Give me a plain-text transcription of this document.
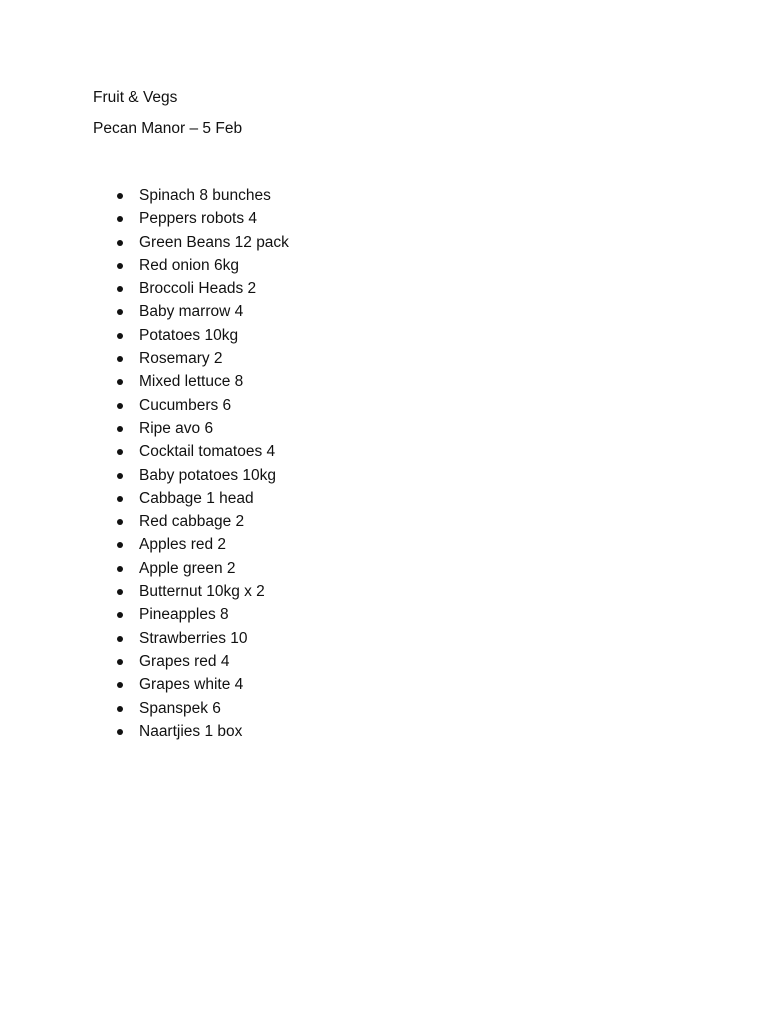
Fruit & Vegs
Pecan Manor – 5 Feb
Spinach 8 bunches
Peppers robots 4
Green Beans 12 pack
Red onion 6kg
Broccoli Heads 2
Baby marrow 4
Potatoes 10kg
Rosemary 2
Mixed lettuce 8
Cucumbers 6
Ripe avo 6
Cocktail tomatoes 4
Baby potatoes 10kg
Cabbage 1 head
Red cabbage 2
Apples red 2
Apple green 2
Butternut 10kg x 2
Pineapples 8
Strawberries 10
Grapes red 4
Grapes white 4
Spanspek 6
Naartjies 1 box
